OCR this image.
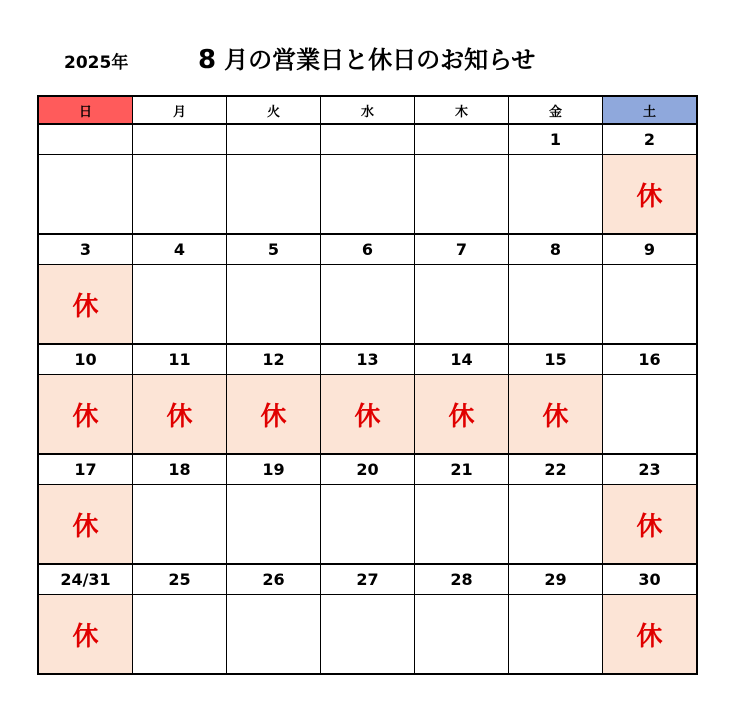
2025年	8 月の営業日と休日のお知らせ
日	月	火	水	木	金	土
					1	2
						休
3	4	5	6	7	8	9
休						
10	11	12	13	14	15	16
休	休	休	休	休	休	
17	18	19	20	21	22	23
休						休
24/31	25	26	27	28	29	30
休						休
